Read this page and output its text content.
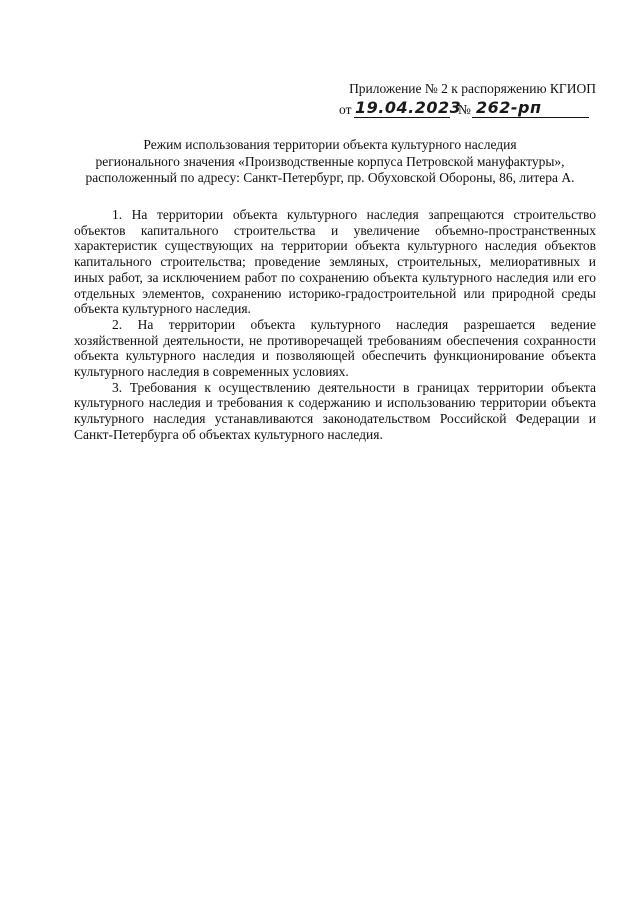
Приложение № 2 к распоряжению КГИОП
от 19.04.2023
№ 262-рп
Режим использования территории объекта культурного наследия
регионального значения «Производственные корпуса Петровской мануфактуры»,
расположенный по адресу: Санкт-Петербург, пр. Обуховской Обороны, 86, литера А.

1. На территории объекта культурного наследия запрещаются строительство объектов капитального строительства и увеличение объемно-пространственных характеристик существующих на территории объекта культурного наследия объектов капитального строительства; проведение земляных, строительных, мелиоративных и иных работ, за исключением работ по сохранению объекта культурного наследия или его отдельных элементов, сохранению историко-градостроительной или природной среды объекта культурного наследия.

2. На территории объекта культурного наследия разрешается ведение хозяйственной деятельности, не противоречащей требованиям обеспечения сохранности объекта культурного наследия и позволяющей обеспечить функционирование объекта культурного наследия в современных условиях.

3. Требования к осуществлению деятельности в границах территории объекта культурного наследия и требования к содержанию и использованию территории объекта культурного наследия устанавливаются законодательством Российской Федерации и Санкт-Петербурга об объектах культурного наследия.
